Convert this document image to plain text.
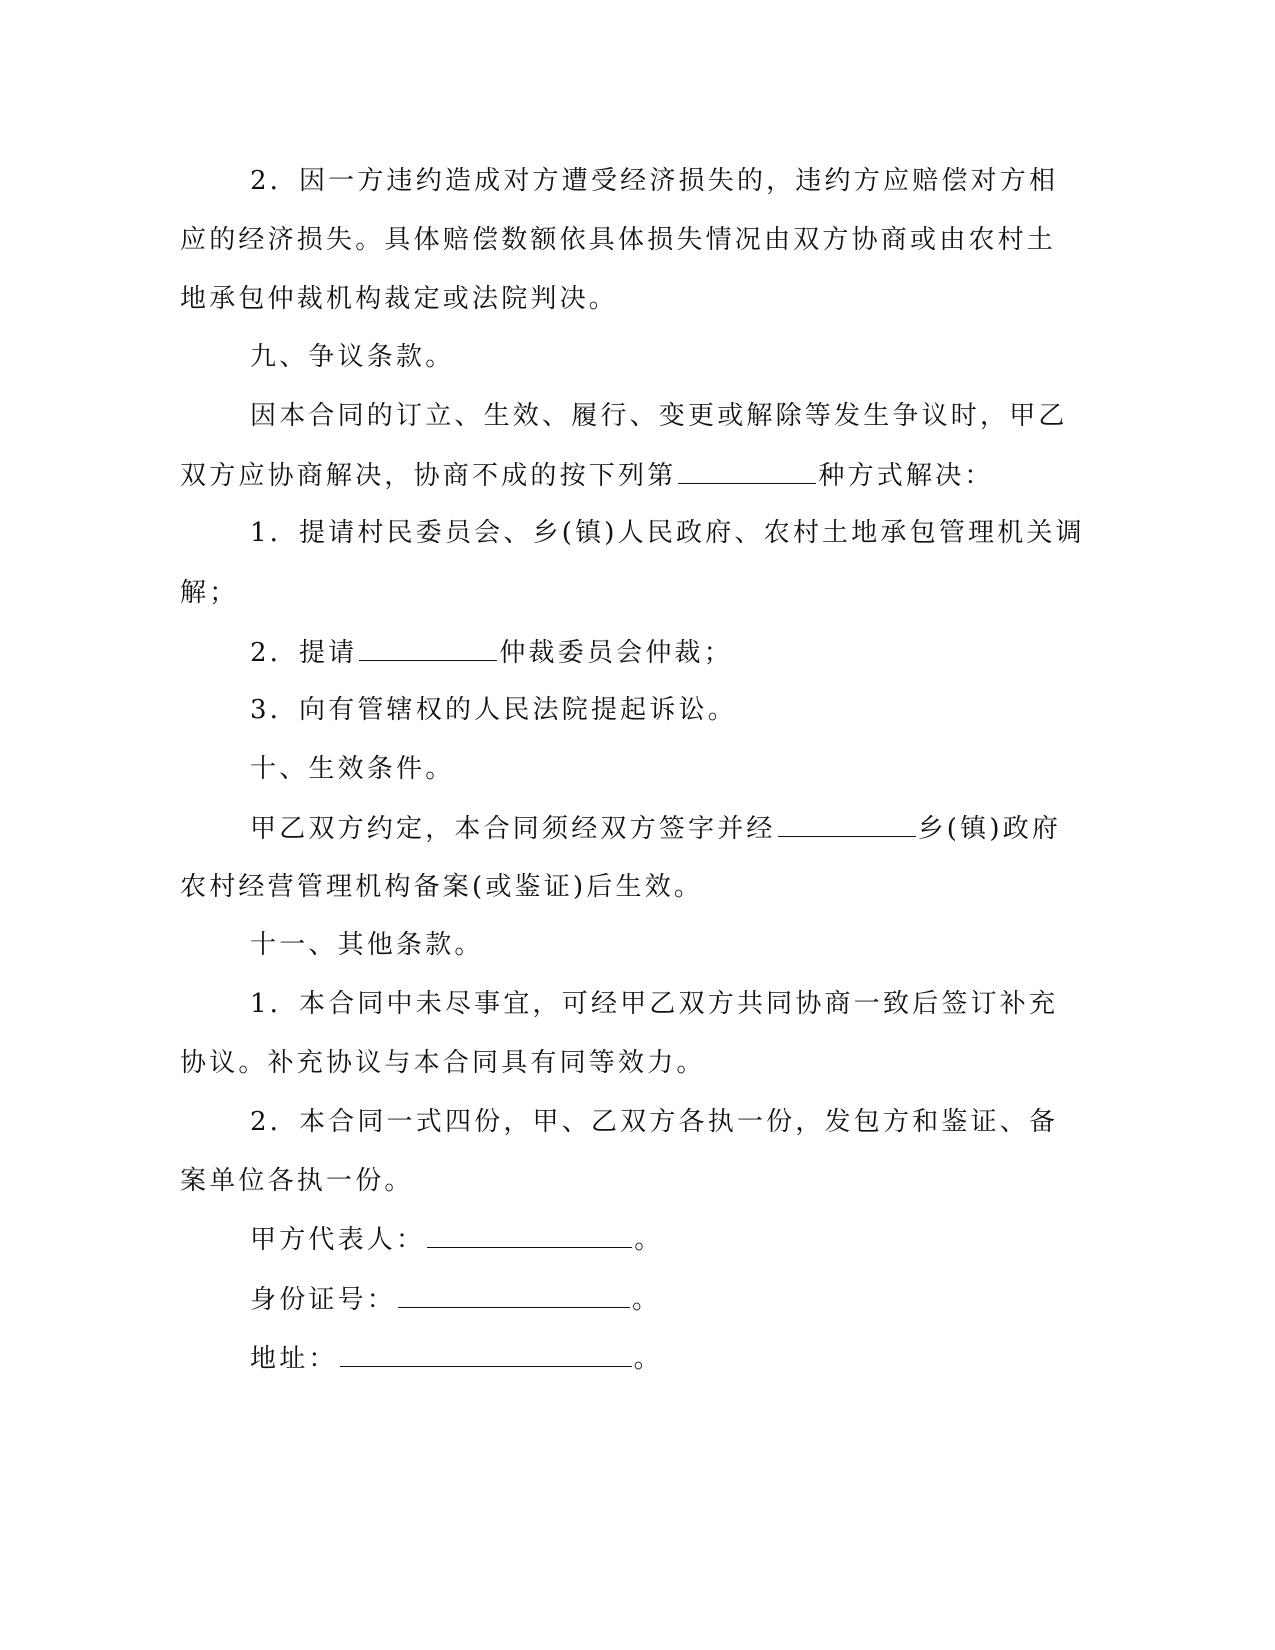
2．因一方违约造成对方遭受经济损失的，违约方应赔偿对方相
应的经济损失。具体赔偿数额依具体损失情况由双方协商或由农村土
地承包仲裁机构裁定或法院判决。
九、争议条款。
因本合同的订立、生效、履行、变更或解除等发生争议时，甲乙
双方应协商解决，协商不成的按下列第	种方式解决：
1．提请村民委员会、乡(镇)人民政府、农村土地承包管理机关调
解；
2．提请	仲裁委员会仲裁；
3．向有管辖权的人民法院提起诉讼。
十、生效条件。
甲乙双方约定，本合同须经双方签字并经	乡(镇)政府
农村经营管理机构备案(或鉴证)后生效。
十一、其他条款。
1．本合同中未尽事宜，可经甲乙双方共同协商一致后签订补充
协议。补充协议与本合同具有同等效力。
2．本合同一式四份，甲、乙双方各执一份，发包方和鉴证、备
案单位各执一份。
甲方代表人：	。
身份证号：	。
地址：	。
